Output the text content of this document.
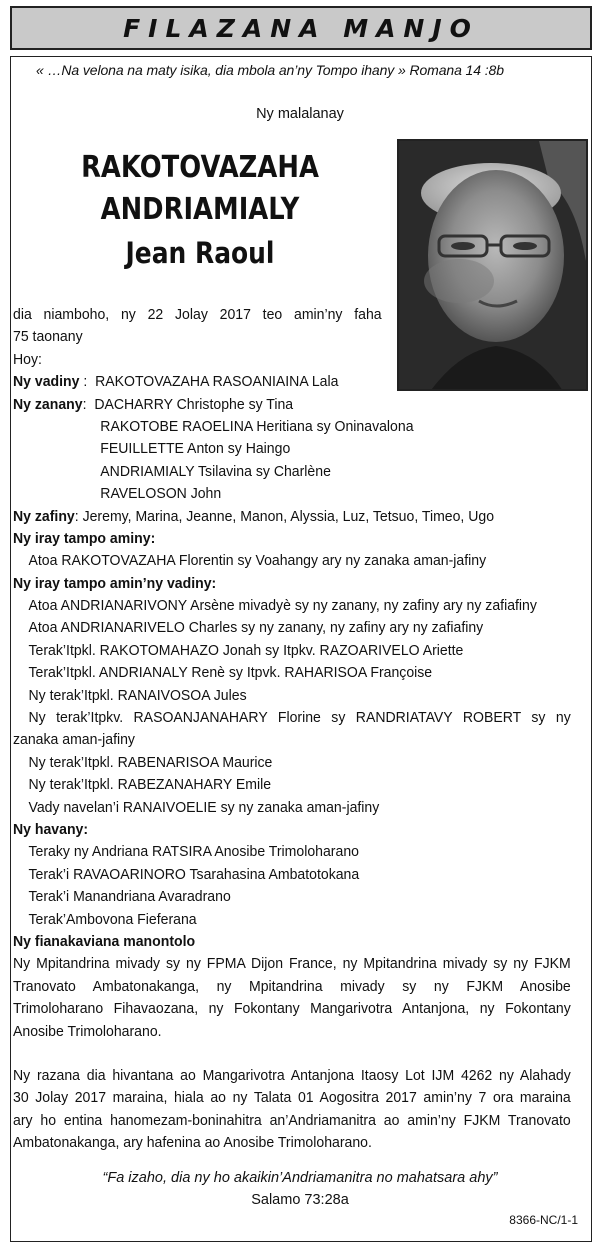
FILAZANA MANJO
« …Na velona na maty isika, dia mbola an’ny Tompo ihany » Romana 14 :8b
Ny malalanay
RAKOTOVAZAHA
ANDRIAMIALY
Jean Raoul
dia niamboho, ny 22 Jolay 2017 teo amin’ny faha
75 taonany
Hoy:
Ny vadiny :  RAKOTOVAZAHA RASOANIAINA Lala
Ny zanany:  DACHARRY Christophe sy Tina
RAKOTOBE RAOELINA Heritiana sy Oninavalona
FEUILLETTE Anton sy Haingo
ANDRIAMIALY Tsilavina sy Charlène
RAVELOSON John
Ny zafiny: Jeremy, Marina, Jeanne, Manon, Alyssia, Luz, Tetsuo, Timeo, Ugo
Ny iray tampo aminy:
Atoa RAKOTOVAZAHA Florentin sy Voahangy ary ny zanaka aman-jafiny
Ny iray tampo amin’ny vadiny:
Atoa ANDRIANARIVONY Arsène mivadyè sy ny zanany, ny zafiny ary ny zafiafiny
Atoa ANDRIANARIVELO Charles sy ny zanany, ny zafiny ary ny zafiafiny
Terak’Itpkl. RAKOTOMAHAZO Jonah sy Itpkv. RAZOARIVELO Ariette
Terak’Itpkl. ANDRIANALY Renè sy Itpvk. RAHARISOA Françoise
Ny terak’Itpkl. RANAIVOSOA Jules
Ny terak’Itpkv. RASOANJANAHARY Florine sy RANDRIATAVY ROBERT sy ny
zanaka aman-jafiny
Ny terak’Itpkl. RABENARISOA Maurice
Ny terak’Itpkl. RABEZANAHARY Emile
Vady navelan’i RANAIVOELIE sy ny zanaka aman-jafiny
Ny havany:
Teraky ny Andriana RATSIRA Anosibe Trimoloharano
Terak’i RAVAOARINORO Tsarahasina Ambatotokana
Terak’i Manandriana Avaradrano
Terak’Ambovona Fieferana
Ny fianakaviana manontolo
Ny Mpitandrina mivady sy ny FPMA Dijon France, ny Mpitandrina mivady sy ny FJKM
Tranovato Ambatonakanga, ny Mpitandrina mivady sy ny FJKM Anosibe
Trimoloharano Fihavaozana, ny Fokontany Mangarivotra Antanjona, ny Fokontany
Anosibe Trimoloharano.
Ny razana dia hivantana ao Mangarivotra Antanjona Itaosy Lot IJM 4262 ny Alahady
30 Jolay 2017 maraina, hiala ao ny Talata 01 Aogositra 2017 amin’ny 7 ora maraina
ary ho entina hanomezam-boninahitra an’Andriamanitra ao amin’ny FJKM Tranovato
Ambatonakanga, ary hafenina ao Anosibe Trimoloharano.
“Fa izaho, dia ny ho akaikin’Andriamanitra no mahatsara ahy”
Salamo 73:28a
8366-NC/1-1
